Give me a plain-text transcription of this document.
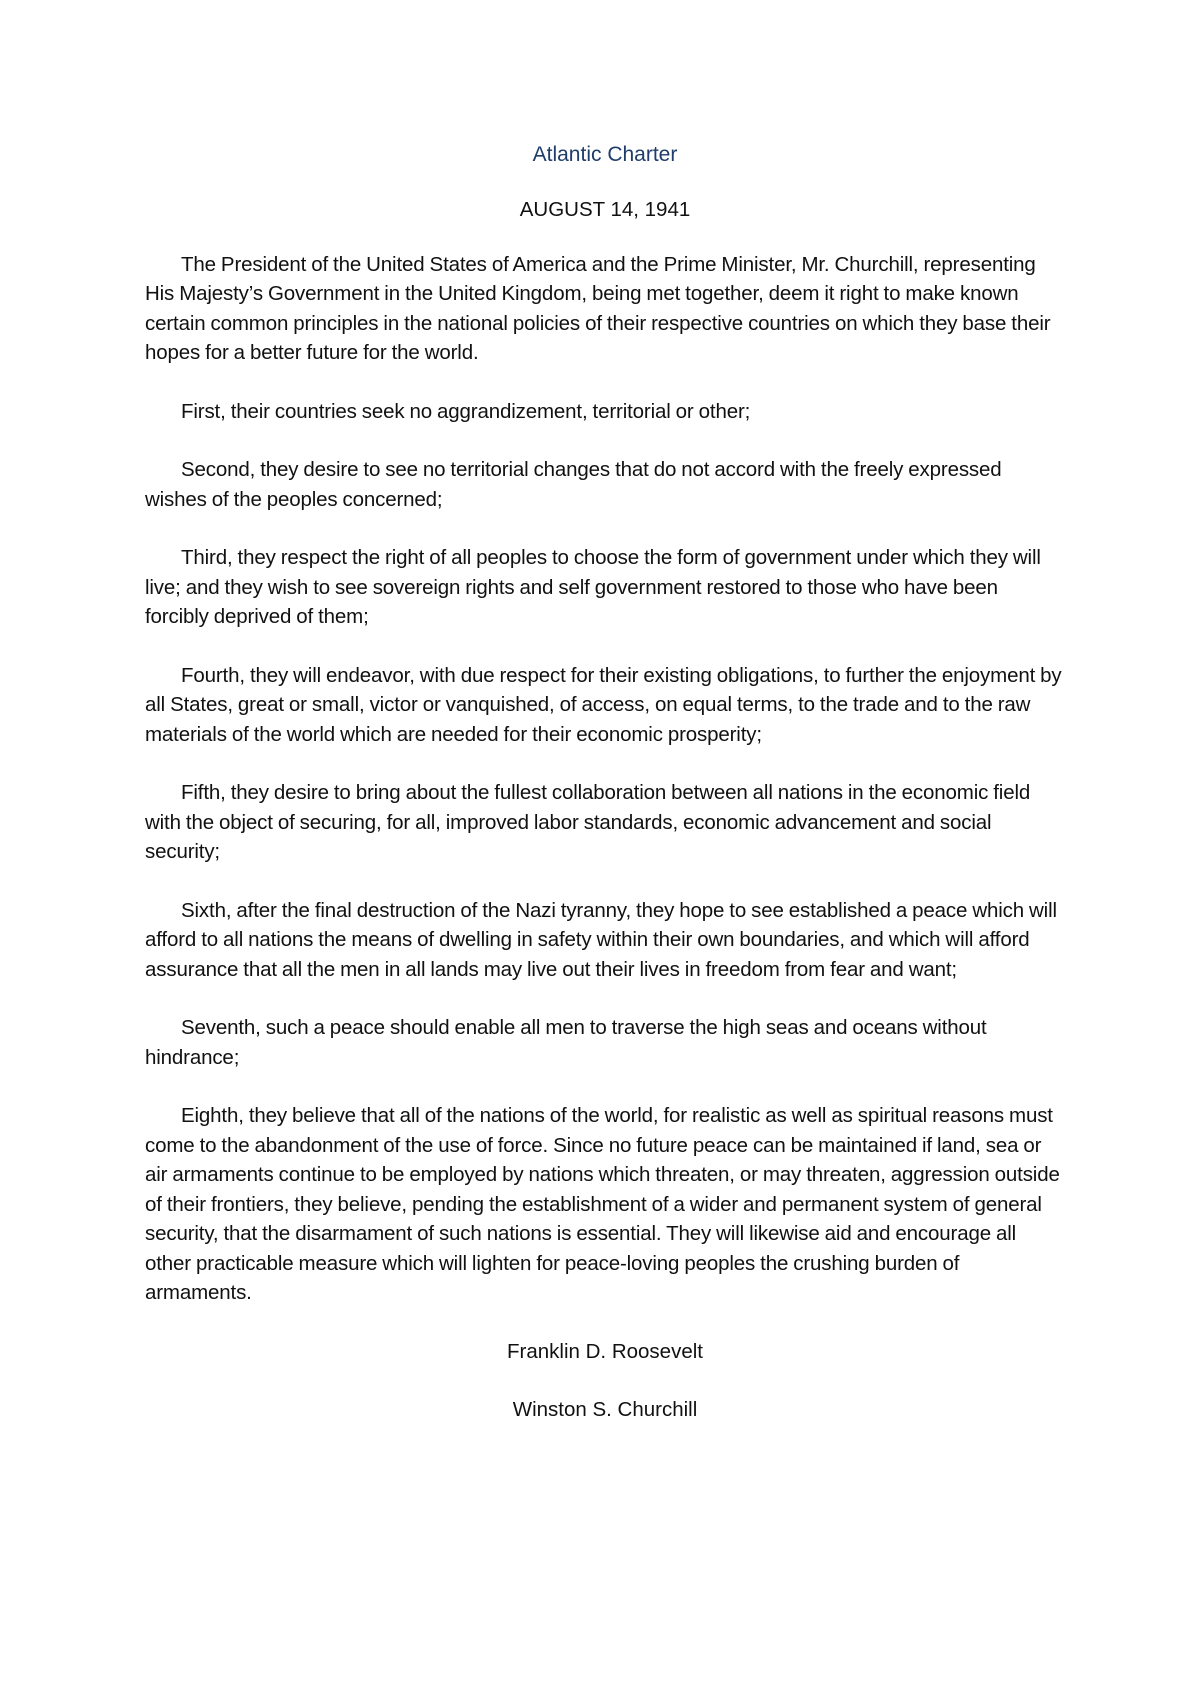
Atlantic Charter
AUGUST 14, 1941

The President of the United States of America and the Prime Minister, Mr. Churchill, representing His Majesty’s Government in the United Kingdom, being met together, deem it right to make known certain common principles in the national policies of their respective countries on which they base their hopes for a better future for the world.

First, their countries seek no aggrandizement, territorial or other;

Second, they desire to see no territorial changes that do not accord with the freely expressed wishes of the peoples concerned;

Third, they respect the right of all peoples to choose the form of government under which they will live; and they wish to see sovereign rights and self government restored to those who have been forcibly deprived of them;

Fourth, they will endeavor, with due respect for their existing obligations, to further the enjoyment by all States, great or small, victor or vanquished, of access, on equal terms, to the trade and to the raw materials of the world which are needed for their economic prosperity;

Fifth, they desire to bring about the fullest collaboration between all nations in the economic field with the object of securing, for all, improved labor standards, economic advancement and social security;

Sixth, after the final destruction of the Nazi tyranny, they hope to see established a peace which will afford to all nations the means of dwelling in safety within their own boundaries, and which will afford assurance that all the men in all lands may live out their lives in freedom from fear and want;

Seventh, such a peace should enable all men to traverse the high seas and oceans without hindrance;

Eighth, they believe that all of the nations of the world, for realistic as well as spiritual reasons must come to the abandonment of the use of force. Since no future peace can be maintained if land, sea or air armaments continue to be employed by nations which threaten, or may threaten, aggression outside of their frontiers, they believe, pending the establishment of a wider and permanent system of general security, that the disarmament of such nations is essential. They will likewise aid and encourage all other practicable measure which will lighten for peace-loving peoples the crushing burden of armaments.

Franklin D. Roosevelt
Winston S. Churchill
